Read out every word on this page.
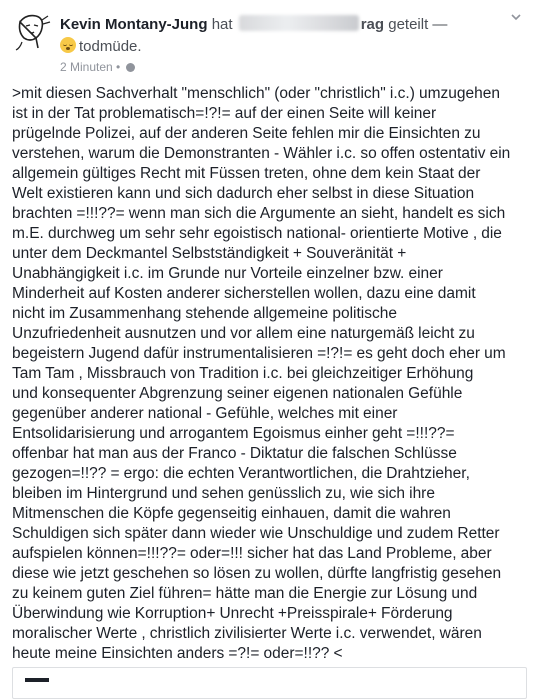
Kevin Montany-Jung hat	rag geteilt —
todmüde.
2 Minuten •

>mit diesen Sachverhalt "menschlich" (oder "christlich" i.c.) umzugehen
ist in der Tat problematisch=!?!= auf der einen Seite will keiner
prügelnde Polizei, auf der anderen Seite fehlen mir die Einsichten zu
verstehen, warum die Demonstranten - Wähler i.c. so offen ostentativ ein
allgemein gültiges Recht mit Füssen treten, ohne dem kein Staat der
Welt existieren kann und sich dadurch eher selbst in diese Situation
brachten =!!!??= wenn man sich die Argumente an sieht, handelt es sich
m.E. durchweg um sehr sehr egoistisch national- orientierte Motive , die
unter dem Deckmantel Selbstständigkeit + Souveränität +
Unabhängigkeit i.c. im Grunde nur Vorteile einzelner bzw. einer
Minderheit auf Kosten anderer sicherstellen wollen, dazu eine damit
nicht im Zusammenhang stehende allgemeine politische
Unzufriedenheit ausnutzen und vor allem eine naturgemäß leicht zu
begeistern Jugend dafür instrumentalisieren =!?!= es geht doch eher um
Tam Tam , Missbrauch von Tradition i.c. bei gleichzeitiger Erhöhung
und konsequenter Abgrenzung seiner eigenen nationalen Gefühle
gegenüber anderer national - Gefühle, welches mit einer
Entsolidarisierung und arrogantem Egoismus einher geht =!!!??=
offenbar hat man aus der Franco - Diktatur die falschen Schlüsse
gezogen=!!?? = ergo: die echten Verantwortlichen, die Drahtzieher,
bleiben im Hintergrund und sehen genüsslich zu, wie sich ihre
Mitmenschen die Köpfe gegenseitig einhauen, damit die wahren
Schuldigen sich später dann wieder wie Unschuldige und zudem Retter
aufspielen können=!!!??= oder=!!! sicher hat das Land Probleme, aber
diese wie jetzt geschehen so lösen zu wollen, dürfte langfristig gesehen
zu keinem guten Ziel führen= hätte man die Energie zur Lösung und
Überwindung wie Korruption+ Unrecht +Preisspirale+ Förderung
moralischer Werte , christlich zivilisierter Werte i.c. verwendet, wären
heute meine Einsichten anders =?!= oder=!!?? <
